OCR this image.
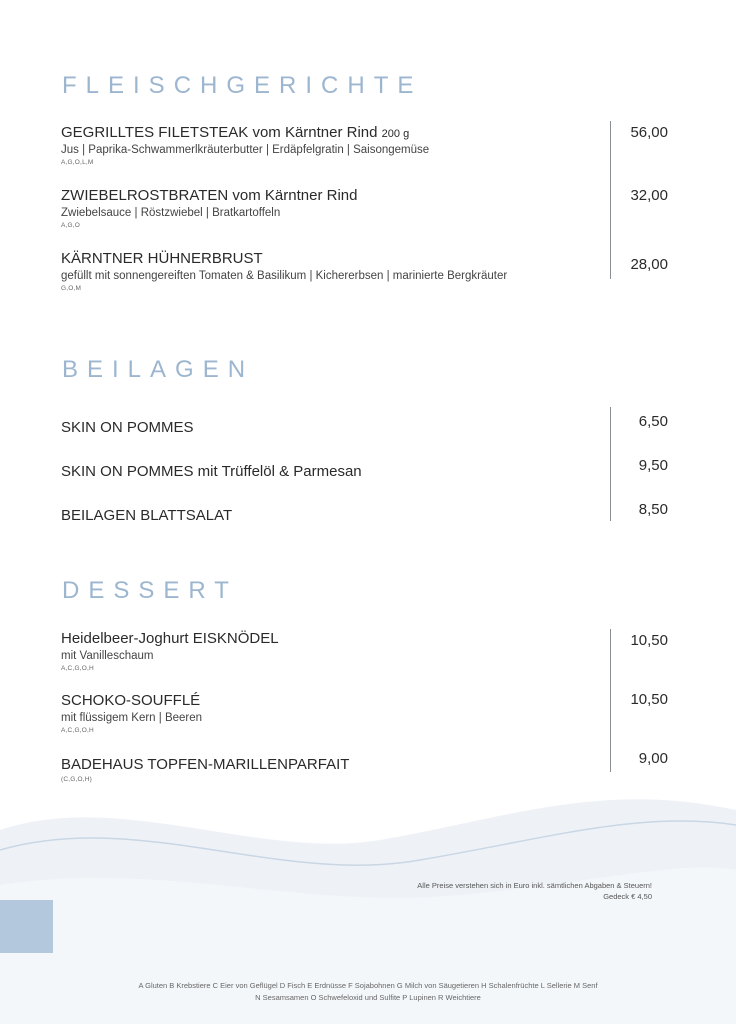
FLEISCHGERICHTE
GEGRILLTES FILETSTEAK vom Kärntner Rind 200 g
Jus | Paprika-Schwammerlkräuterbutter | Erdäpfelgratin | Saisongemüse
A,G,O,L,M
56,00
ZWIEBELROSTBRATEN vom Kärntner Rind
Zwiebelsauce | Röstzwiebel | Bratkartoffeln
A,G,O
32,00
KÄRNTNER HÜHNERBRUST
gefüllt mit sonnengereiften Tomaten & Basilikum | Kichererbsen | marinierte Bergkräuter
G,O,M
28,00
BEILAGEN
SKIN ON POMMES	6,50
SKIN ON POMMES mit Trüffelöl & Parmesan	9,50
BEILAGEN BLATTSALAT	8,50
DESSERT
Heidelbeer-Joghurt EISKNÖDEL
mit Vanilleschaum
A,C,G,O,H
10,50
SCHOKO-SOUFFLÉ
mit flüssigem Kern | Beeren
A,C,G,O,H
10,50
BADEHAUS TOPFEN-MARILLENPARFAIT
(C,G,O,H)
9,00
Alle Preise verstehen sich in Euro inkl. sämtlichen Abgaben & Steuern!
Gedeck € 4,50
A Gluten B Krebstiere C Eier von Geflügel D Fisch E Erdnüsse F Sojabohnen G Milch von Säugetieren H Schalenfrüchte L Sellerie M Senf
N Sesamsamen O Schwefeloxid und Sulfite P Lupinen R Weichtiere
